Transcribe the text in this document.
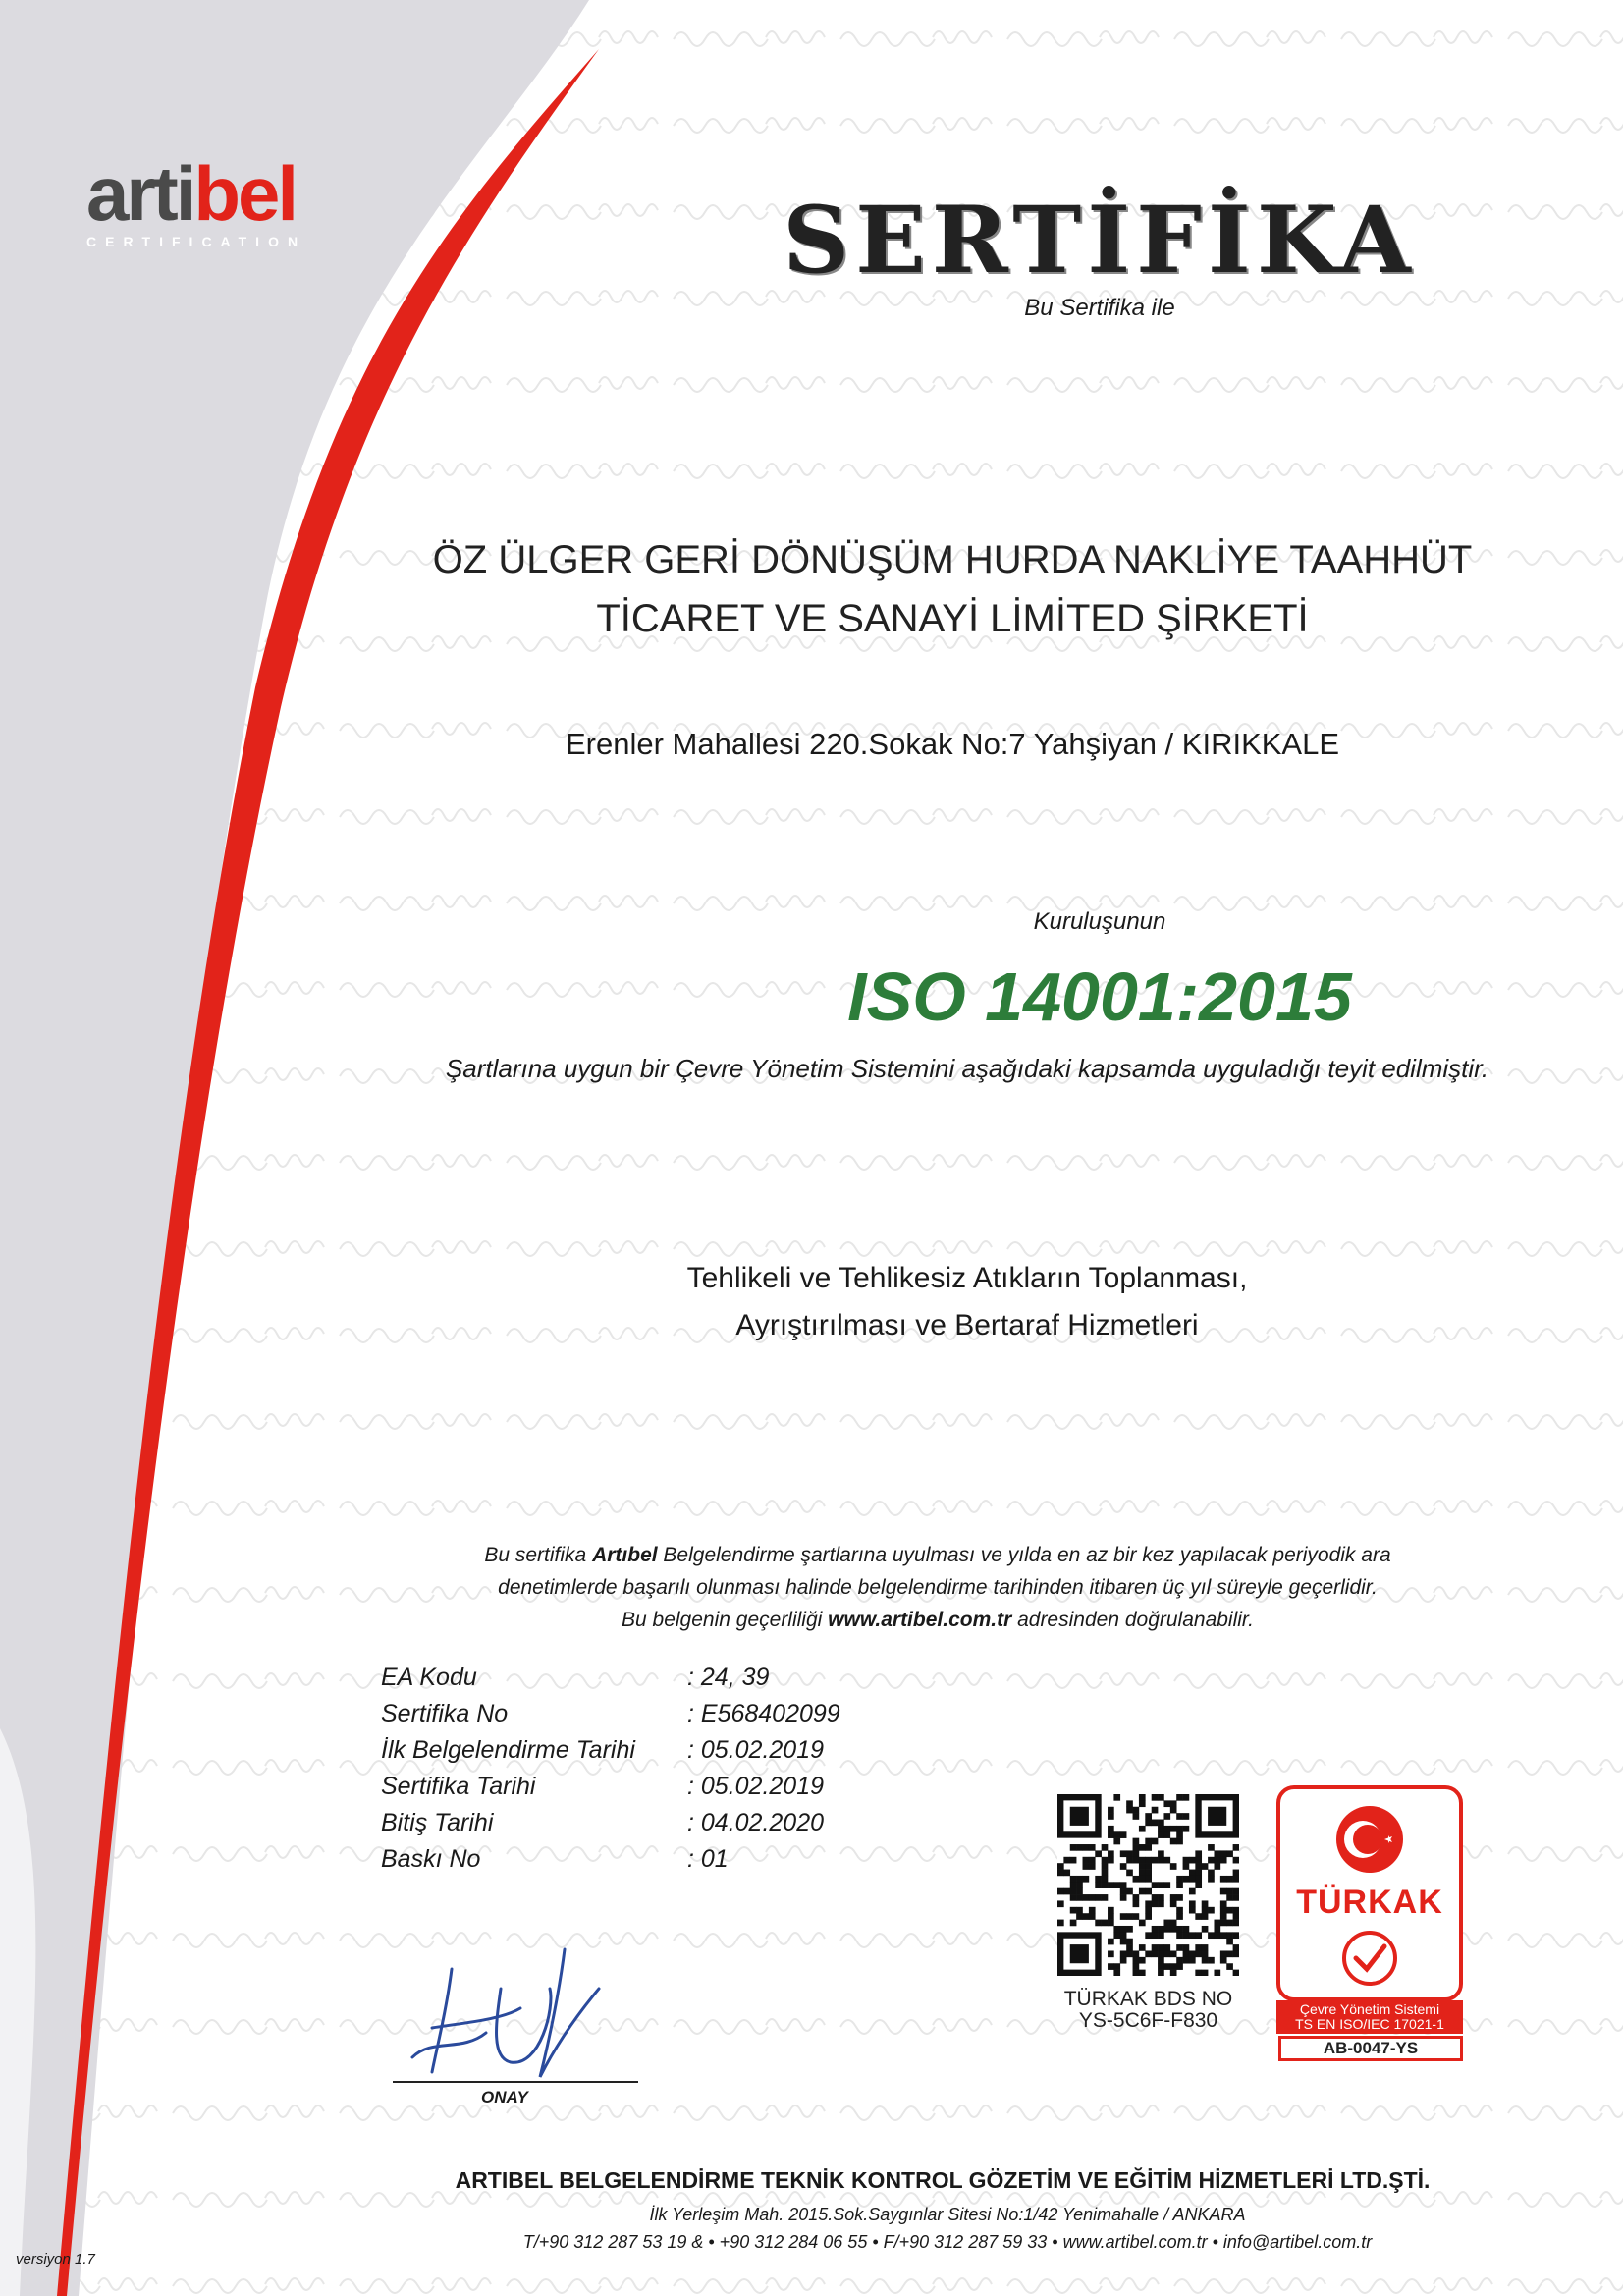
artibel
CERTIFICATION	SERTİFİKA
Bu Sertifika ile
ÖZ ÜLGER GERİ DÖNÜŞÜM HURDA NAKLİYE TAAHHÜT
TİCARET VE SANAYİ LİMİTED ŞİRKETİ
Erenler Mahallesi 220.Sokak No:7 Yahşiyan / KIRIKKALE
Kuruluşunun
ISO 14001:2015
Şartlarına uygun bir Çevre Yönetim Sistemini aşağıdaki kapsamda uyguladığı teyit edilmiştir.
Tehlikeli ve Tehlikesiz Atıkların Toplanması,
Ayrıştırılması ve Bertaraf Hizmetleri
Bu sertifika Artıbel Belgelendirme şartlarına uyulması ve yılda en az bir kez yapılacak periyodik ara
denetimlerde başarılı olunması halinde belgelendirme tarihinden itibaren üç yıl süreyle geçerlidir.
Bu belgenin geçerliliği www.artibel.com.tr adresinden doğrulanabilir.
EA Kodu	: 24, 39
Sertifika No	: E568402099
İlk Belgelendirme Tarihi	: 05.02.2019
Sertifika Tarihi	: 05.02.2019
Bitiş Tarihi	: 04.02.2020
Baskı No	: 01
ONAY
TÜRKAK BDS NO
YS-5C6F-F830
TÜRKAK
Çevre Yönetim Sistemi
TS EN ISO/IEC 17021-1
AB-0047-YS
ARTIBEL BELGELENDİRME TEKNİK KONTROL GÖZETİM VE EĞİTİM HİZMETLERİ LTD.ŞTİ.
İlk Yerleşim Mah. 2015.Sok.Saygınlar Sitesi No:1/42 Yenimahalle / ANKARA
T/+90 312 287 53 19 & • +90 312 284 06 55 • F/+90 312 287 59 33 • www.artibel.com.tr • info@artibel.com.tr
versiyon 1.7
